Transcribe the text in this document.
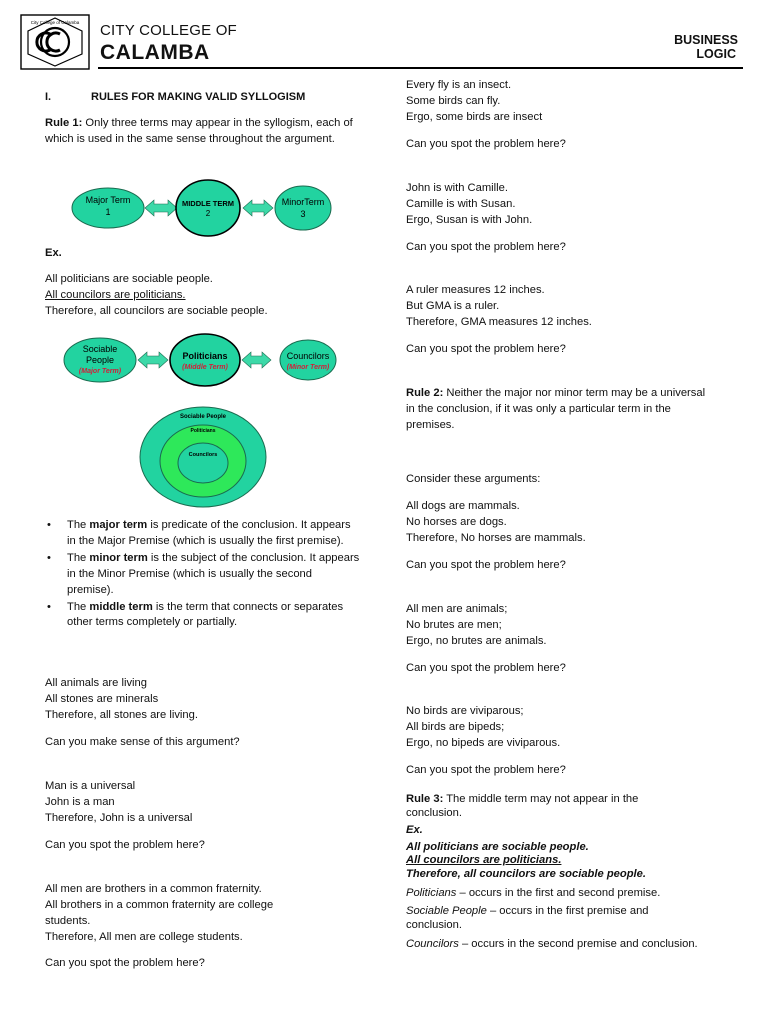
City College of Calamba CITY COLLEGE OF
CALAMBA
BUSINESS
LOGIC
I.	RULES FOR MAKING VALID SYLLOGISM

Rule 1: Only three terms may appear in the syllogism, each of which is used in the same sense throughout the argument.

Major Term
1
MIDDLE TERM
2
MinorTerm
3

Ex.

All politicians are sociable people.

All councilors are politicians.

Therefore, all councilors are sociable people.

Sociable
People
(Major Term)
Politicians
(Middle Term)
Councilors
(Minor Term)
Sociable People
Politicians
Councilors
• The major term is predicate of the conclusion. It appears in the Major Premise (which is usually the first premise).
• The minor term is the subject of the conclusion. It appears in the Minor Premise (which is usually the second premise).
• The middle term is the term that connects or separates other terms completely or partially.

All animals are living

All stones are minerals

Therefore, all stones are living.

Can you make sense of this argument?

Man is a universal

John is a man

Therefore, John is a universal

Can you spot the problem here?

All men are brothers in a common fraternity.

All brothers in a common fraternity are college students.

Therefore, All men are college students.

Can you spot the problem here?

Every fly is an insect.

Some birds can fly.

Ergo, some birds are insect

Can you spot the problem here?

John is with Camille.

Camille is with Susan.

Ergo, Susan is with John.

Can you spot the problem here?

A ruler measures 12 inches.

But GMA is a ruler.

Therefore, GMA measures 12 inches.

Can you spot the problem here?

Rule 2: Neither the major nor minor term may be a universal in the conclusion, if it was only a particular term in the premises.

Consider these arguments:

All dogs are mammals.

No horses are dogs.

Therefore, No horses are mammals.

Can you spot the problem here?

All men are animals;

No brutes are men;

Ergo, no brutes are animals.

Can you spot the problem here?

No birds are viviparous;

All birds are bipeds;

Ergo, no bipeds are viviparous.

Can you spot the problem here?

Rule 3: The middle term may not appear in the conclusion.

Ex.

All politicians are sociable people.

All councilors are politicians.

Therefore, all councilors are sociable people.

Politicians – occurs in the first and second premise.

Sociable People – occurs in the first premise and conclusion.

Councilors – occurs in the second premise and conclusion.
